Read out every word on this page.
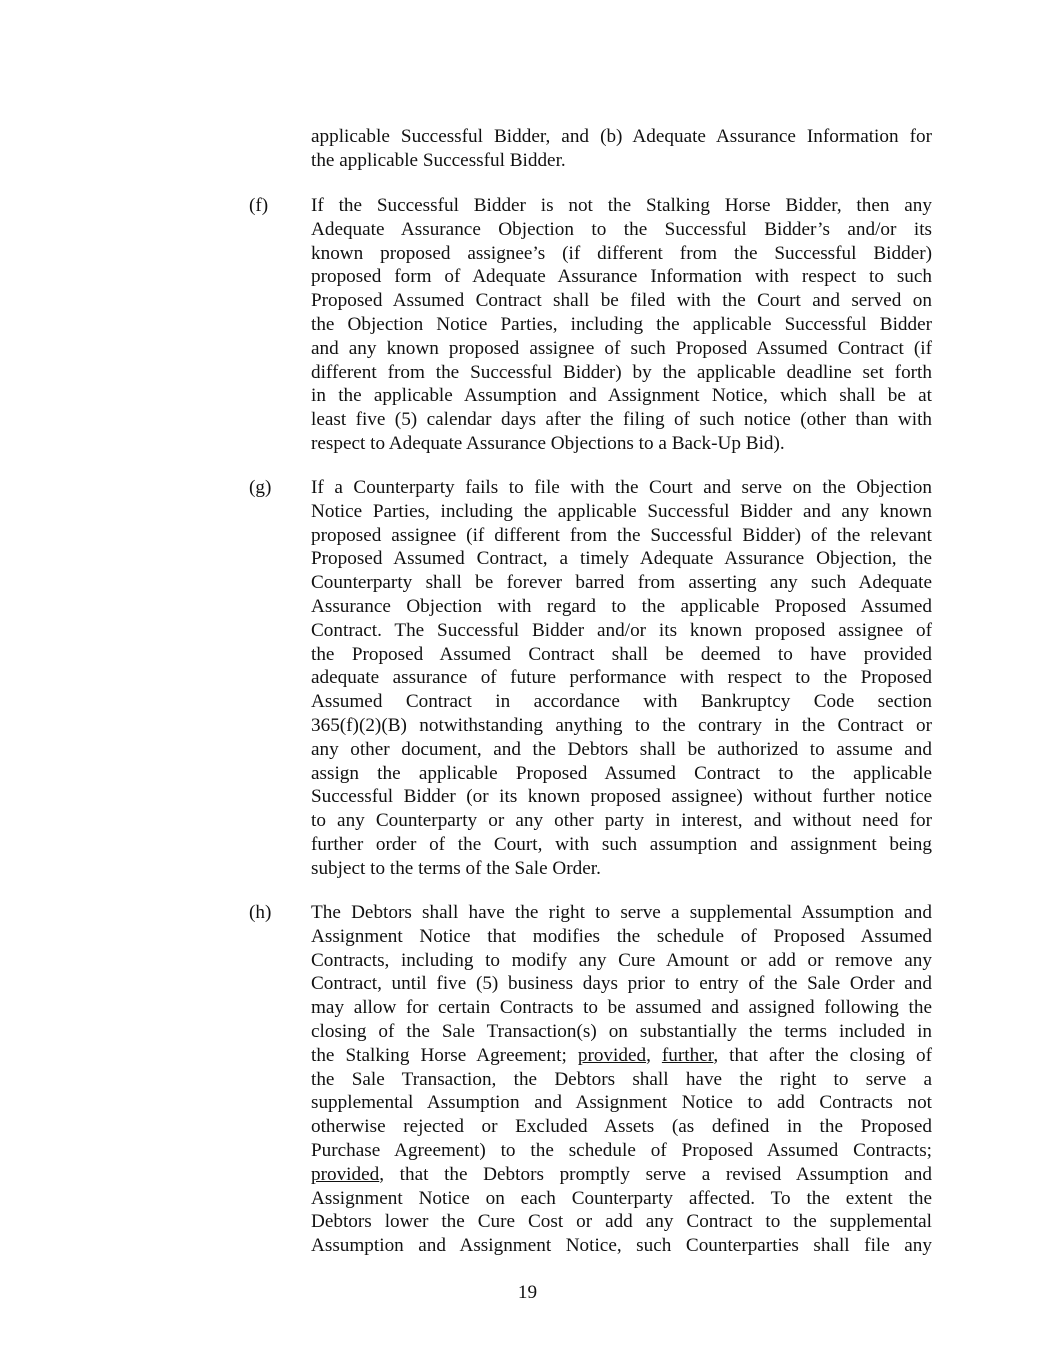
applicable Successful Bidder, and (b) Adequate Assurance Information for
the applicable Successful Bidder.
(f)	If the Successful Bidder is not the Stalking Horse Bidder, then any
Adequate Assurance Objection to the Successful Bidder’s and/or its
known proposed assignee’s (if different from the Successful Bidder)
proposed form of Adequate Assurance Information with respect to such
Proposed Assumed Contract shall be filed with the Court and served on
the Objection Notice Parties, including the applicable Successful Bidder
and any known proposed assignee of such Proposed Assumed Contract (if
different from the Successful Bidder) by the applicable deadline set forth
in the applicable Assumption and Assignment Notice, which shall be at
least five (5) calendar days after the filing of such notice (other than with
respect to Adequate Assurance Objections to a Back-Up Bid).
(g)	If a Counterparty fails to file with the Court and serve on the Objection
Notice Parties, including the applicable Successful Bidder and any known
proposed assignee (if different from the Successful Bidder) of the relevant
Proposed Assumed Contract, a timely Adequate Assurance Objection, the
Counterparty shall be forever barred from asserting any such Adequate
Assurance Objection with regard to the applicable Proposed Assumed
Contract. The Successful Bidder and/or its known proposed assignee of
the Proposed Assumed Contract shall be deemed to have provided
adequate assurance of future performance with respect to the Proposed
Assumed Contract in accordance with Bankruptcy Code section
365(f)(2)(B) notwithstanding anything to the contrary in the Contract or
any other document, and the Debtors shall be authorized to assume and
assign the applicable Proposed Assumed Contract to the applicable
Successful Bidder (or its known proposed assignee) without further notice
to any Counterparty or any other party in interest, and without need for
further order of the Court, with such assumption and assignment being
subject to the terms of the Sale Order.
(h)	The Debtors shall have the right to serve a supplemental Assumption and
Assignment Notice that modifies the schedule of Proposed Assumed
Contracts, including to modify any Cure Amount or add or remove any
Contract, until five (5) business days prior to entry of the Sale Order and
may allow for certain Contracts to be assumed and assigned following the
closing of the Sale Transaction(s) on substantially the terms included in
the Stalking Horse Agreement; provided, further, that after the closing of
the Sale Transaction, the Debtors shall have the right to serve a
supplemental Assumption and Assignment Notice to add Contracts not
otherwise rejected or Excluded Assets (as defined in the Proposed
Purchase Agreement) to the schedule of Proposed Assumed Contracts;
provided, that the Debtors promptly serve a revised Assumption and
Assignment Notice on each Counterparty affected. To the extent the
Debtors lower the Cure Cost or add any Contract to the supplemental
Assumption and Assignment Notice, such Counterparties shall file any
19
